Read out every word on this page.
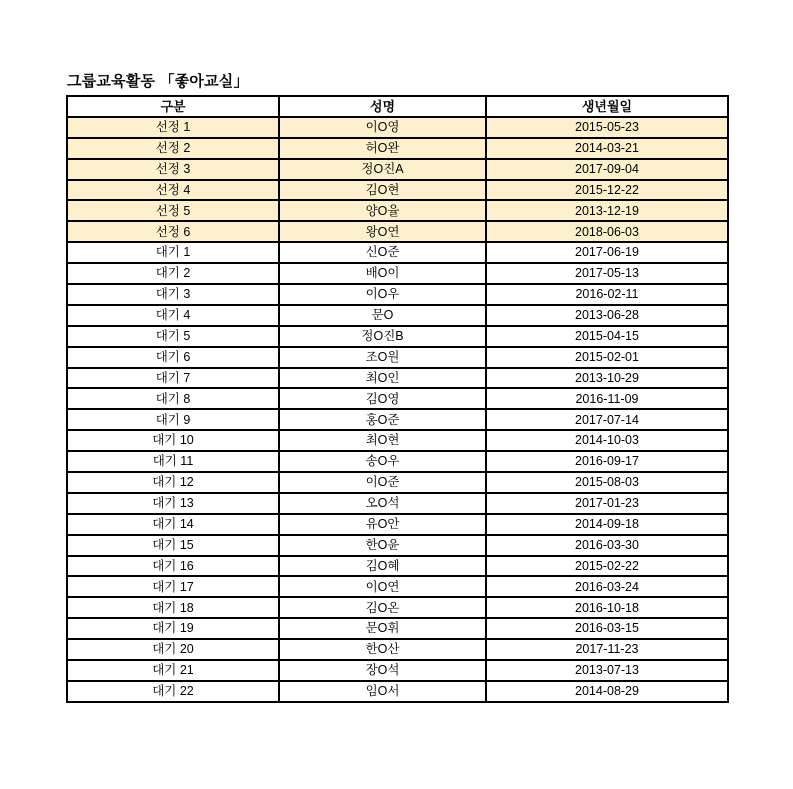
그룹교육활동 「좋아교실」
구분	성명	생년월일
선정 1	이O영	2015-05-23
선정 2	허O완	2014-03-21
선정 3	정O진A	2017-09-04
선정 4	김O현	2015-12-22
선정 5	양O율	2013-12-19
선정 6	왕O연	2018-06-03
대기 1	신O준	2017-06-19
대기 2	배O이	2017-05-13
대기 3	이O우	2016-02-11
대기 4	문O	2013-06-28
대기 5	정O진B	2015-04-15
대기 6	조O원	2015-02-01
대기 7	최O인	2013-10-29
대기 8	김O영	2016-11-09
대기 9	홍O준	2017-07-14
대기 10	최O현	2014-10-03
대기 11	송O우	2016-09-17
대기 12	이O준	2015-08-03
대기 13	오O석	2017-01-23
대기 14	유O안	2014-09-18
대기 15	한O윤	2016-03-30
대기 16	김O혜	2015-02-22
대기 17	이O연	2016-03-24
대기 18	김O온	2016-10-18
대기 19	문O휘	2016-03-15
대기 20	한O산	2017-11-23
대기 21	장O석	2013-07-13
대기 22	임O서	2014-08-29
